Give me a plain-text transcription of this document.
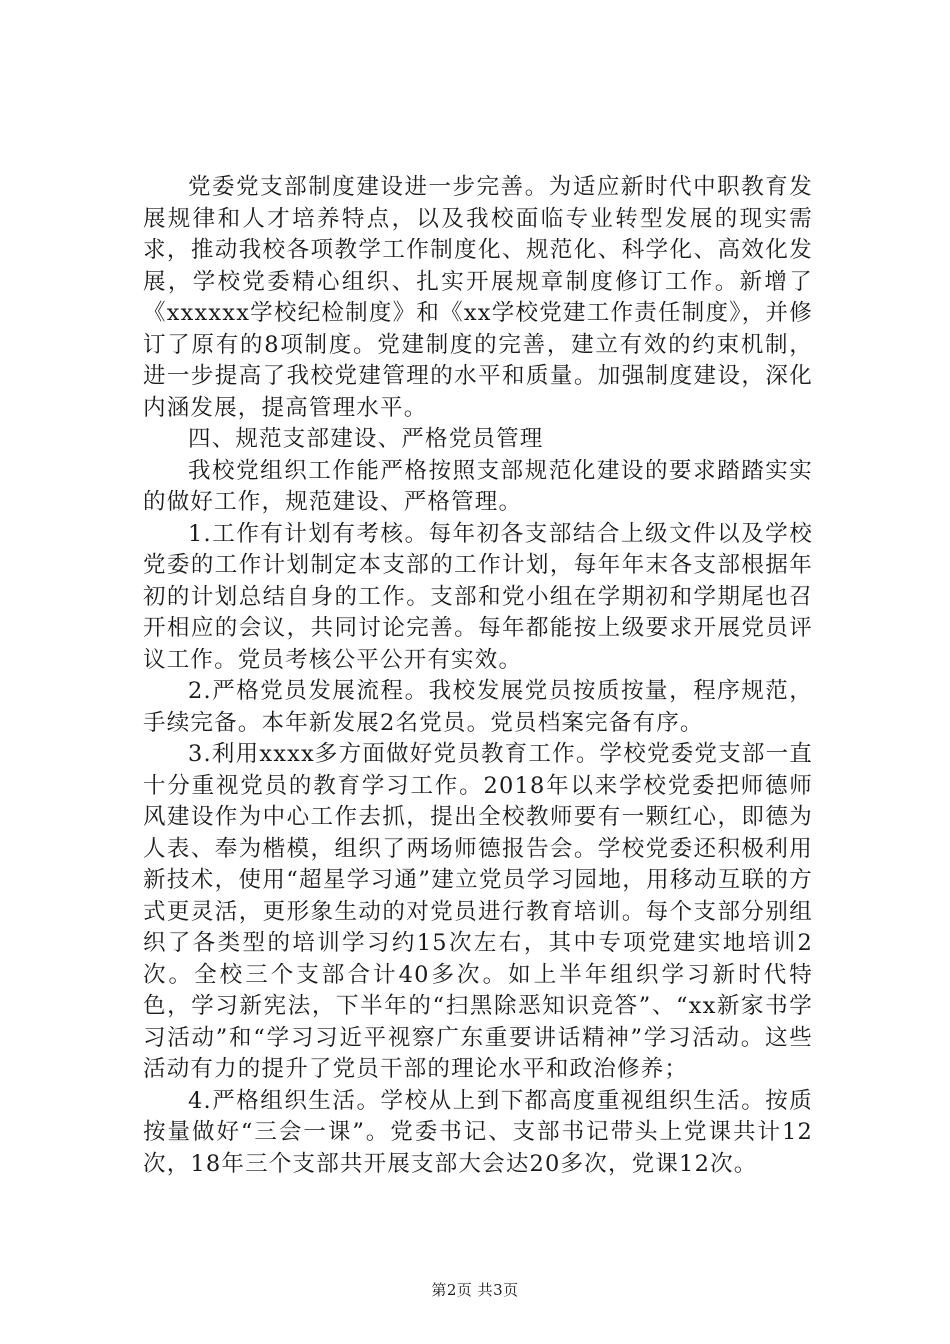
党委党支部制度建设进一步完善。为适应新时代中职教育发展规律和人才培养特点，以及我校面临专业转型发展的现实需求，推动我校各项教学工作制度化、规范化、科学化、高效化发展，学校党委精心组织、扎实开展规章制度修订工作。新增了《xxxxxx学校纪检制度》和《xx学校党建工作责任制度》，并修订了原有的8项制度。党建制度的完善，建立有效的约束机制，进一步提高了我校党建管理的水平和质量。加强制度建设，深化内涵发展，提高管理水平。

四、规范支部建设、严格党员管理

我校党组织工作能严格按照支部规范化建设的要求踏踏实实的做好工作，规范建设、严格管理。

1.工作有计划有考核。每年初各支部结合上级文件以及学校党委的工作计划制定本支部的工作计划，每年年末各支部根据年初的计划总结自身的工作。支部和党小组在学期初和学期尾也召开相应的会议，共同讨论完善。每年都能按上级要求开展党员评议工作。党员考核公平公开有实效。

2.严格党员发展流程。我校发展党员按质按量，程序规范，手续完备。本年新发展2名党员。党员档案完备有序。

3.利用xxxx多方面做好党员教育工作。学校党委党支部一直十分重视党员的教育学习工作。2018年以来学校党委把师德师风建设作为中心工作去抓，提出全校教师要有一颗红心，即德为人表、奉为楷模，组织了两场师德报告会。学校党委还积极利用新技术，使用“超星学习通”建立党员学习园地，用移动互联的方式更灵活，更形象生动的对党员进行教育培训。每个支部分别组织了各类型的培训学习约15次左右，其中专项党建实地培训2次。全校三个支部合计40多次。如上半年组织学习新时代特色，学习新宪法，下半年的“扫黑除恶知识竞答”、“xx新家书学习活动”和“学习习近平视察广东重要讲话精神”学习活动。这些活动有力的提升了党员干部的理论水平和政治修养；

4.严格组织生活。学校从上到下都高度重视组织生活。按质按量做好“三会一课”。党委书记、支部书记带头上党课共计12次，18年三个支部共开展支部大会达20多次，党课12次。

第2页 共3页
